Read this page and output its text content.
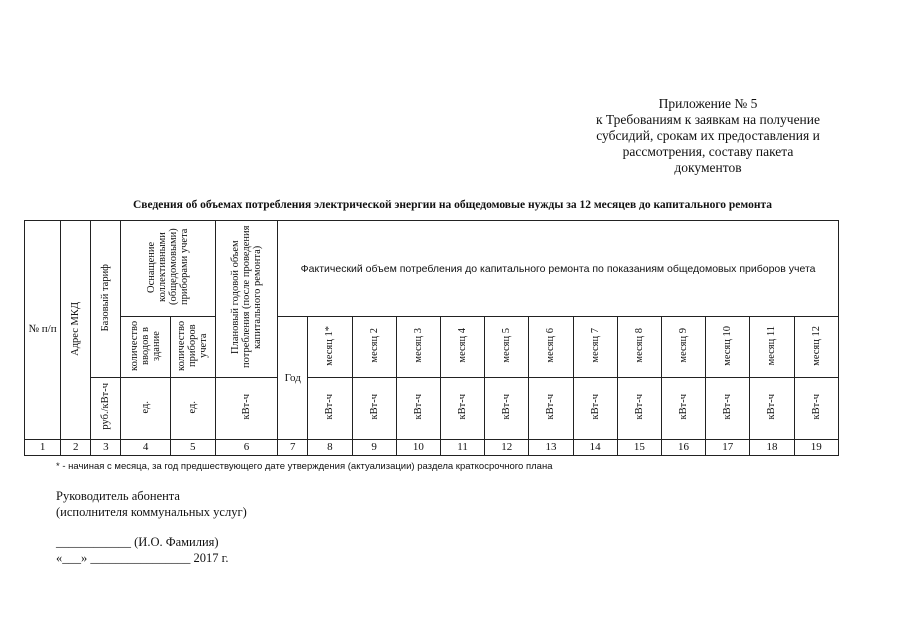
Приложение № 5
к Требованиям к заявкам на получение
субсидий, срокам их предоставления и
рассмотрения, составу пакета
документов
Сведения об объемах потребления электрической энергии на общедомовые нужды за 12 месяцев до капитального ремонта
№ п/п	Адрес МКД	Базовый тариф	Оснащение коллективными (общедомовыми) приборами учета		Плановый годовой объем потребления (после проведения капитального ремонта)	Фактический объем потребления до капитального ремонта по показаниям общедомовых приборов учета												
			количество вводов в здание	количество приборов учета		Год	месяц 1*	месяц 2	месяц 3	месяц 4	месяц 5	месяц 6	месяц 7	месяц 8	месяц 9	месяц 10	месяц 11	месяц 12
		руб./кВт-ч	ед.	ед.	кВт-ч		кВт-ч	кВт-ч	кВт-ч	кВт-ч	кВт-ч	кВт-ч	кВт-ч	кВт-ч	кВт-ч	кВт-ч	кВт-ч	кВт-ч
1	2	3	4	5	6	7	8	9	10	11	12	13	14	15	16	17	18	19
* - начиная с месяца, за год предшествующего дате утверждения (актуализации) раздела краткосрочного плана
Руководитель абонента
(исполнителя коммунальных услуг)
____________ (И.О. Фамилия)
«___» ________________ 2017 г.
